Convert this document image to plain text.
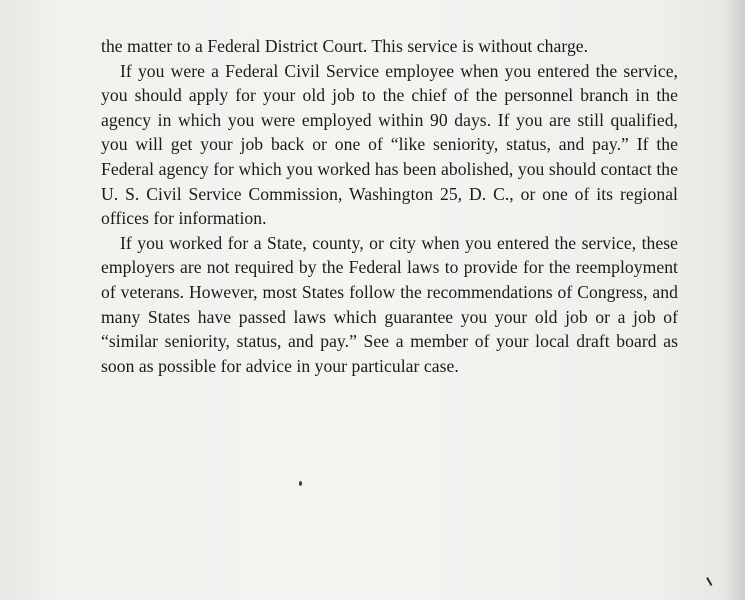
the matter to a Federal District Court. This service is without charge.

If you were a Federal Civil Service employee when you entered the service, you should apply for your old job to the chief of the personnel branch in the agency in which you were employed within 90 days. If you are still qualified, you will get your job back or one of “like seniority, status, and pay.” If the Federal agency for which you worked has been abolished, you should contact the U. S. Civil Service Commission, Washington 25, D. C., or one of its regional offices for information.

If you worked for a State, county, or city when you entered the service, these employers are not required by the Federal laws to provide for the reemployment of veterans. However, most States follow the recommendations of Congress, and many States have passed laws which guarantee you your old job or a job of “similar seniority, status, and pay.” See a member of your local draft board as soon as possible for advice in your particular case.
